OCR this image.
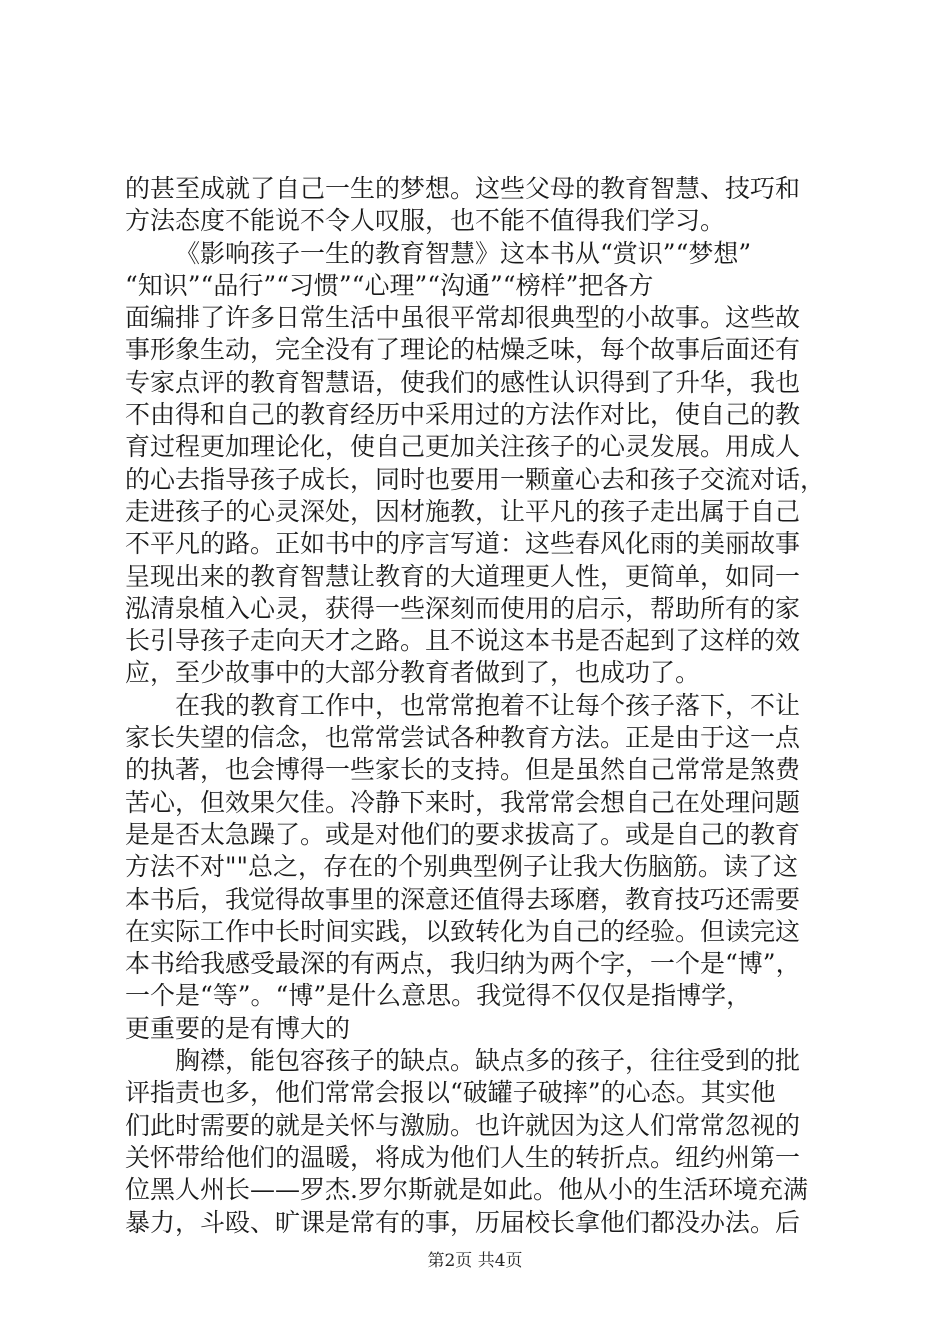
的甚至成就了自己一生的梦想。这些父母的教育智慧、技巧和
方法态度不能说不令人叹服，也不能不值得我们学习。
《影响孩子一生的教育智慧》这本书从“赏识”“梦想”
“知识”“品行”“习惯”“心理”“沟通”“榜样”把各方
面编排了许多日常生活中虽很平常却很典型的小故事。这些故
事形象生动，完全没有了理论的枯燥乏味，每个故事后面还有
专家点评的教育智慧语，使我们的感性认识得到了升华，我也
不由得和自己的教育经历中采用过的方法作对比，使自己的教
育过程更加理论化，使自己更加关注孩子的心灵发展。用成人
的心去指导孩子成长，同时也要用一颗童心去和孩子交流对话，
走进孩子的心灵深处，因材施教，让平凡的孩子走出属于自己
不平凡的路。正如书中的序言写道：这些春风化雨的美丽故事
呈现出来的教育智慧让教育的大道理更人性，更简单，如同一
泓清泉植入心灵，获得一些深刻而使用的启示，帮助所有的家
长引导孩子走向天才之路。且不说这本书是否起到了这样的效
应，至少故事中的大部分教育者做到了，也成功了。
在我的教育工作中，也常常抱着不让每个孩子落下，不让
家长失望的信念，也常常尝试各种教育方法。正是由于这一点
的执著，也会博得一些家长的支持。但是虽然自己常常是煞费
苦心，但效果欠佳。冷静下来时，我常常会想自己在处理问题
是是否太急躁了。或是对他们的要求拔高了。或是自己的教育
方法不对""总之，存在的个别典型例子让我大伤脑筋。读了这
本书后，我觉得故事里的深意还值得去琢磨，教育技巧还需要
在实际工作中长时间实践，以致转化为自己的经验。但读完这
本书给我感受最深的有两点，我归纳为两个字，一个是“博”，
一个是“等”。“博”是什么意思。我觉得不仅仅是指博学，
更重要的是有博大的
胸襟，能包容孩子的缺点。缺点多的孩子，往往受到的批
评指责也多，他们常常会报以“破罐子破摔”的心态。其实他
们此时需要的就是关怀与激励。也许就因为这人们常常忽视的
关怀带给他们的温暖，将成为他们人生的转折点。纽约州第一
位黑人州长——罗杰.罗尔斯就是如此。他从小的生活环境充满
暴力，斗殴、旷课是常有的事，历届校长拿他们都没办法。后
第2页 共4页
